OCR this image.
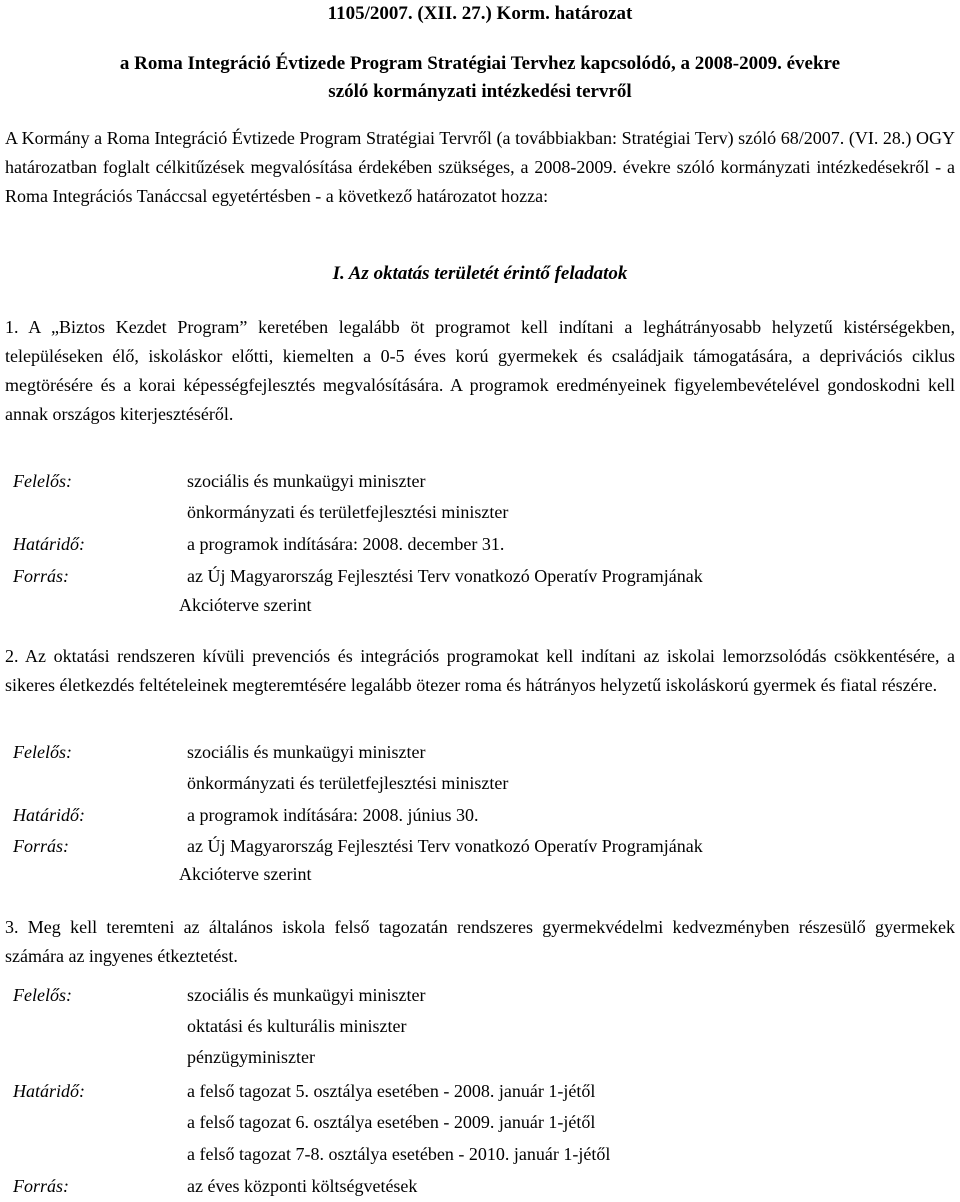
1105/2007. (XII. 27.) Korm. határozat
a Roma Integráció Évtizede Program Stratégiai Tervhez kapcsolódó, a 2008-2009. évekre
szóló kormányzati intézkedési tervről
A Kormány a Roma Integráció Évtizede Program Stratégiai Tervről (a továbbiakban: Stratégiai Terv) szóló 68/2007. (VI. 28.) OGY határozatban foglalt célkitűzések megvalósítása érdekében szükséges, a 2008-2009. évekre szóló kormányzati intézkedésekről - a Roma Integrációs Tanáccsal egyetértésben - a következő határozatot hozza:
I. Az oktatás területét érintő feladatok
1. A „Biztos Kezdet Program” keretében legalább öt programot kell indítani a leghátrányosabb helyzetű kistérségekben, településeken élő, iskoláskor előtti, kiemelten a 0-5 éves korú gyermekek és családjaik támogatására, a deprivációs ciklus megtörésére és a korai képességfejlesztés megvalósítására. A programok eredményeinek figyelembevételével gondoskodni kell annak országos kiterjesztéséről.
Felelős:	szociális és munkaügyi miniszter
önkormányzati és területfejlesztési miniszter
Határidő:	a programok indítására: 2008. december 31.
Forrás:	az Új Magyarország Fejlesztési Terv vonatkozó Operatív Programjának
Akcióterve szerint
2. Az oktatási rendszeren kívüli prevenciós és integrációs programokat kell indítani az iskolai lemorzsolódás csökkentésére, a sikeres életkezdés feltételeinek megteremtésére legalább ötezer roma és hátrányos helyzetű iskoláskorú gyermek és fiatal részére.
Felelős:	szociális és munkaügyi miniszter
önkormányzati és területfejlesztési miniszter
Határidő:	a programok indítására: 2008. június 30.
Forrás:	az Új Magyarország Fejlesztési Terv vonatkozó Operatív Programjának
Akcióterve szerint
3. Meg kell teremteni az általános iskola felső tagozatán rendszeres gyermekvédelmi kedvezményben részesülő gyermekek számára az ingyenes étkeztetést.
Felelős:	szociális és munkaügyi miniszter
oktatási és kulturális miniszter
pénzügyminiszter
Határidő:	a felső tagozat 5. osztálya esetében - 2008. január 1-jétől
a felső tagozat 6. osztálya esetében - 2009. január 1-jétől
a felső tagozat 7-8. osztálya esetében - 2010. január 1-jétől
Forrás:	az éves központi költségvetések
